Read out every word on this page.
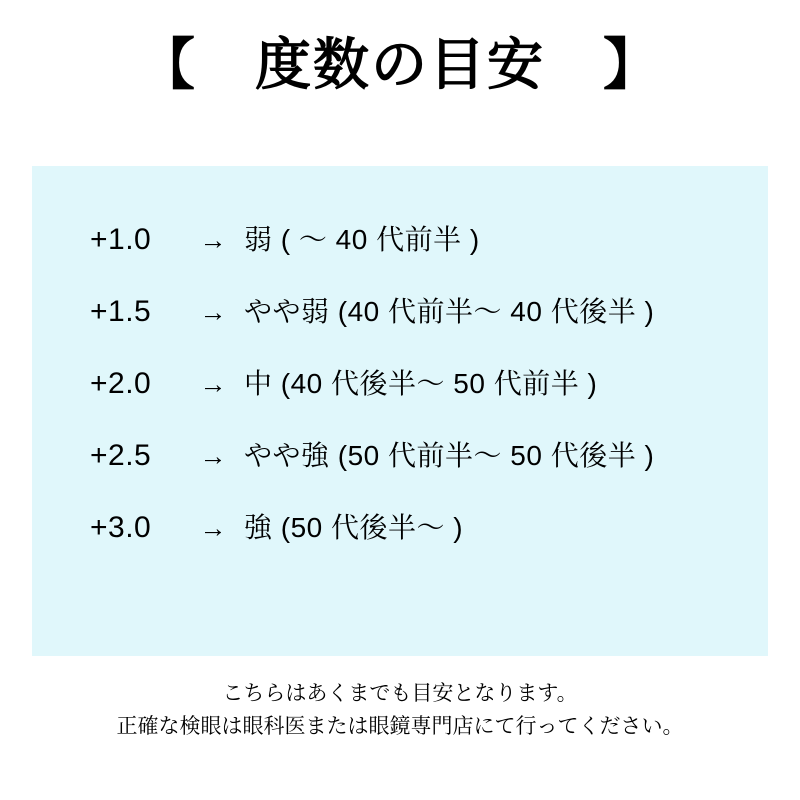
【　度数の目安　】
+1.0	→ 弱 ( 〜 40 代前半 )
+1.5	→ やや弱 (40 代前半〜 40 代後半 )
+2.0	→ 中 (40 代後半〜 50 代前半 )
+2.5	→ やや強 (50 代前半〜 50 代後半 )
+3.0	→ 強 (50 代後半〜 )
こちらはあくまでも目安となります。
正確な検眼は眼科医または眼鏡専門店にて行ってください。
